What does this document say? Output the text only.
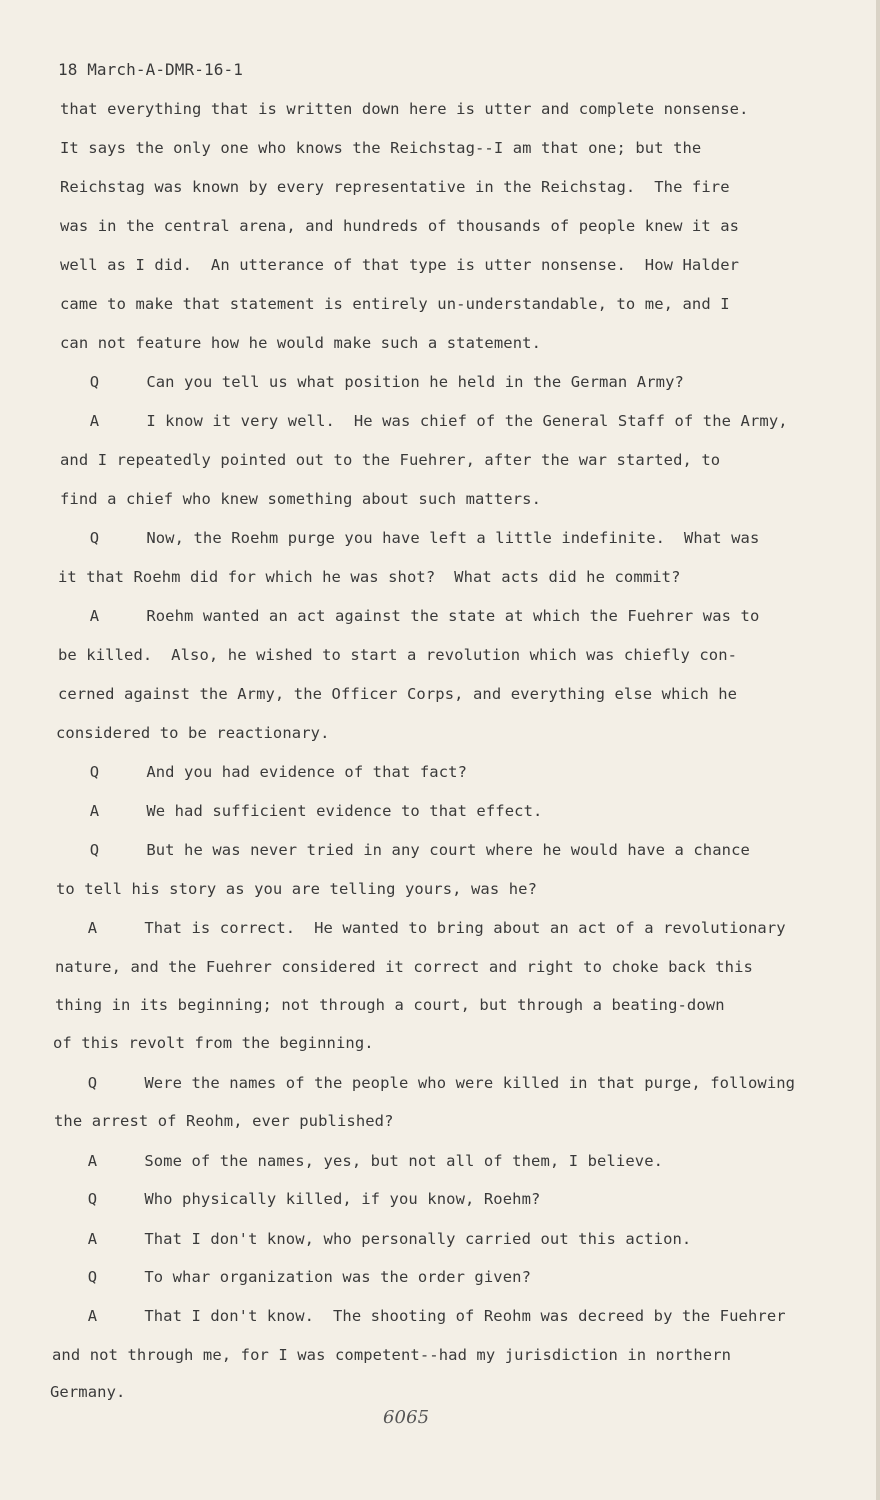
18 March-A-DMR-16-1
that everything that is written down here is utter and complete nonsense.
It says the only one who knows the Reichstag--I am that one; but the
Reichstag was known by every representative in the Reichstag.  The fire
was in the central arena, and hundreds of thousands of people knew it as
well as I did.  An utterance of that type is utter nonsense.  How Halder
came to make that statement is entirely un-understandable, to me, and I
can not feature how he would make such a statement.
Q     Can you tell us what position he held in the German Army?
A     I know it very well.  He was chief of the General Staff of the Army,
and I repeatedly pointed out to the Fuehrer, after the war started, to
find a chief who knew something about such matters.
Q     Now, the Roehm purge you have left a little indefinite.  What was
it that Roehm did for which he was shot?  What acts did he commit?
A     Roehm wanted an act against the state at which the Fuehrer was to
be killed.  Also, he wished to start a revolution which was chiefly con-
cerned against the Army, the Officer Corps, and everything else which he
considered to be reactionary.
Q     And you had evidence of that fact?
A     We had sufficient evidence to that effect.
Q     But he was never tried in any court where he would have a chance
to tell his story as you are telling yours, was he?
A     That is correct.  He wanted to bring about an act of a revolutionary
nature, and the Fuehrer considered it correct and right to choke back this
thing in its beginning; not through a court, but through a beating-down
of this revolt from the beginning.
Q     Were the names of the people who were killed in that purge, following
the arrest of Reohm, ever published?
A     Some of the names, yes, but not all of them, I believe.
Q     Who physically killed, if you know, Roehm?
A     That I don't know, who personally carried out this action.
Q     To whar organization was the order given?
A     That I don't know.  The shooting of Reohm was decreed by the Fuehrer
and not through me, for I was competent--had my jurisdiction in northern
Germany.
6065
